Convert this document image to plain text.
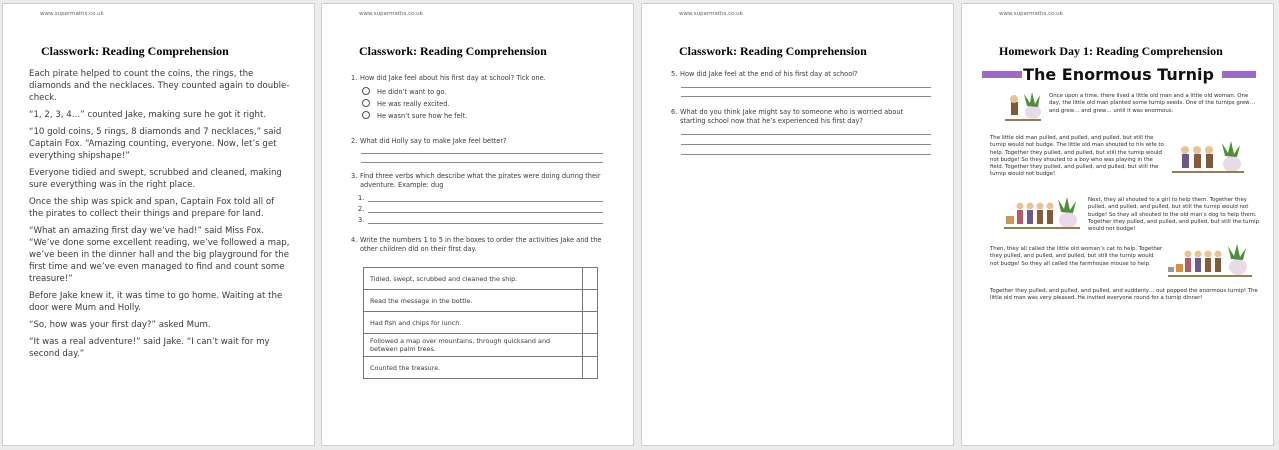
www.supermaths.co.uk
Classwork: Reading Comprehension

Each pirate helped to count the coins, the rings, the diamonds and the necklaces. They counted again to double-check.

“1, 2, 3, 4…” counted Jake, making sure he got it right.

“10 gold coins, 5 rings, 8 diamonds and 7 necklaces,” said Captain Fox. “Amazing counting, everyone. Now, let’s get everything shipshape!”

Everyone tidied and swept, scrubbed and cleaned, making sure everything was in the right place.

Once the ship was spick and span, Captain Fox told all of the pirates to collect their things and prepare for land.

“What an amazing first day we’ve had!” said Miss Fox. “We’ve done some excellent reading, we’ve followed a map, we’ve been in the dinner hall and the big playground for the first time and we’ve even managed to find and count some treasure!”

Before Jake knew it, it was time to go home. Waiting at the door were Mum and Holly.

“So, how was your first day?” asked Mum.

“It was a real adventure!” said Jake. “I can’t wait for my second day.”

www.supermaths.co.uk
Classwork: Reading Comprehension
1. How did Jake feel about his first day at school? Tick one.
He didn’t want to go.
He was really excited.
He wasn’t sure how he felt.
2. What did Holly say to make Jake feel better?
3. Find three verbs which describe what the pirates were doing during their adventure. Example: dug
1.
2.
3.
4. Write the numbers 1 to 5 in the boxes to order the activities Jake and the other children did on their first day.
Tidied, swept, scrubbed and cleaned the ship.	
Read the message in the bottle.	
Had fish and chips for lunch.	
Followed a map over mountains, through quicksand and between palm trees.	
Counted the treasure.	
www.supermaths.co.uk
Classwork: Reading Comprehension
5. How did Jake feel at the end of his first day at school?
6. What do you think Jake might say to someone who is worried about starting school now that he’s experienced his first day?
www.supermaths.co.uk
Homework Day 1: Reading Comprehension
The Enormous Turnip
Once upon a time, there lived a little old man and a little old woman. One day, the little old man planted some turnip seeds. One of the turnips grew… and grew… and grew… until it was enormous.
The little old man pulled, and pulled, and pulled, but still the turnip would not budge. The little old man shouted to his wife to help. Together they pulled, and pulled, but still the turnip would not budge! So they shouted to a boy who was playing in the field. Together they pulled, and pulled, and pulled, but still the turnip would not budge!
Next, they all shouted to a girl to help them. Together they pulled, and pulled, and pulled, but still the turnip would not budge! So they all shouted to the old man’s dog to help them. Together they pulled, and pulled, and pulled, but still the turnip would not budge!
Then, they all called the little old woman’s cat to help. Together they pulled, and pulled, and pulled, but still the turnip would not budge! So they all called the farmhouse mouse to help.
Together they pulled, and pulled, and pulled, and suddenly… out popped the enormous turnip! The little old man was very pleased. He invited everyone round for a turnip dinner!
